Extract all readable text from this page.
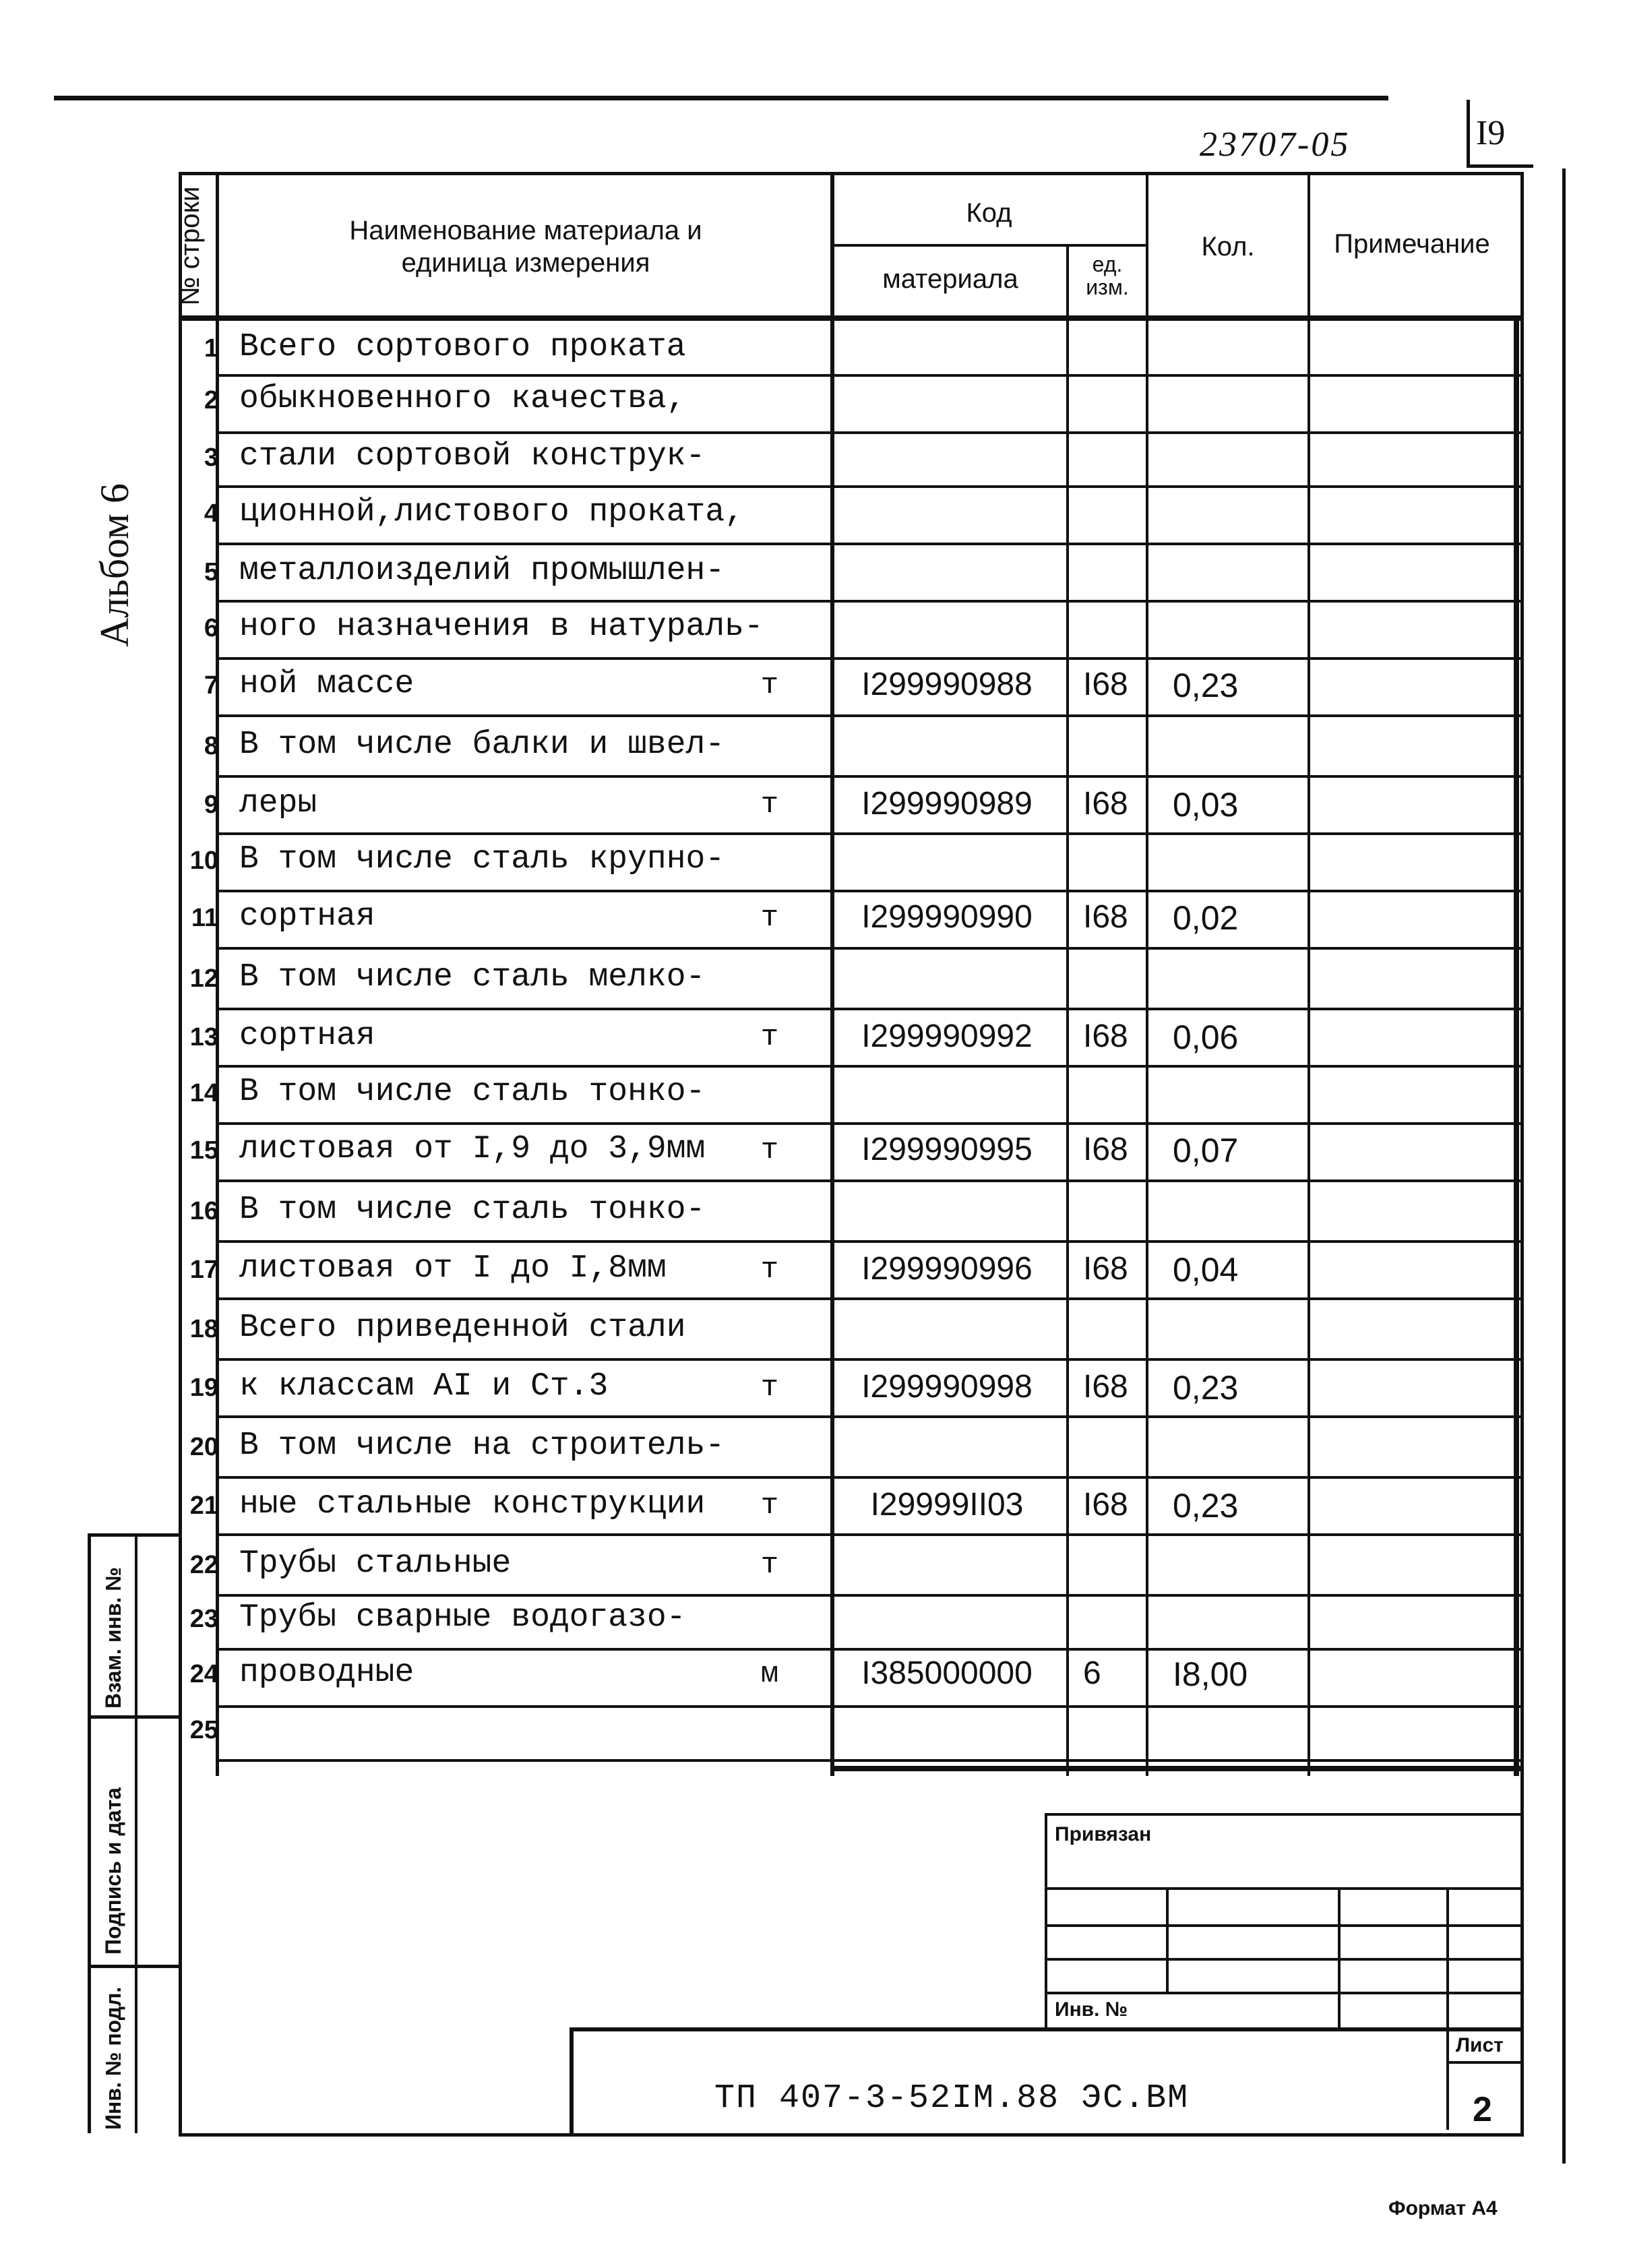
I9
23707-05
Альбом 6
№ строки	Наименование материала и
единица измерения
Код
материала	ед.
изм.
Кол.	Примечание
1 Всего сортового проката
2 обыкновенного качества,
3 стали сортовой конструк-
4 ционной,листового проката,
5 металлоизделий промышлен-
6 ного назначения в натураль-
7 ной массе	т	I299990988	I68	0,23
8 В том числе балки и швел-
9 леры	т	I299990989	I68	0,03
10 В том числе сталь крупно-
11 сортная	т	I299990990	I68	0,02
12 В том числе сталь мелко-
13 сортная	т	I299990992	I68	0,06
14 В том числе сталь тонко-
15 листовая от I,9 до 3,9мм т	I299990995	I68	0,07
16 В том числе сталь тонко-
17 листовая от I до I,8мм	т	I299990996	I68	0,04
18 Всего приведенной стали
19 к классам AI и Ст.3	т	I299990998	I68	0,23
20 В том числе на строитель-
21 ные стальные конструкции т	I29999II03	I68	0,23
22 Трубы стальные	т
23 Трубы сварные водогазо-
24 проводные	м	I385000000	6	I8,00
25
Взам. инв. №
Подпись и дата
Инв. № подл.
Привязан
Инв. №
Лист
2
ТП 407-3-52IМ.88 ЭС.ВМ
Формат А4
